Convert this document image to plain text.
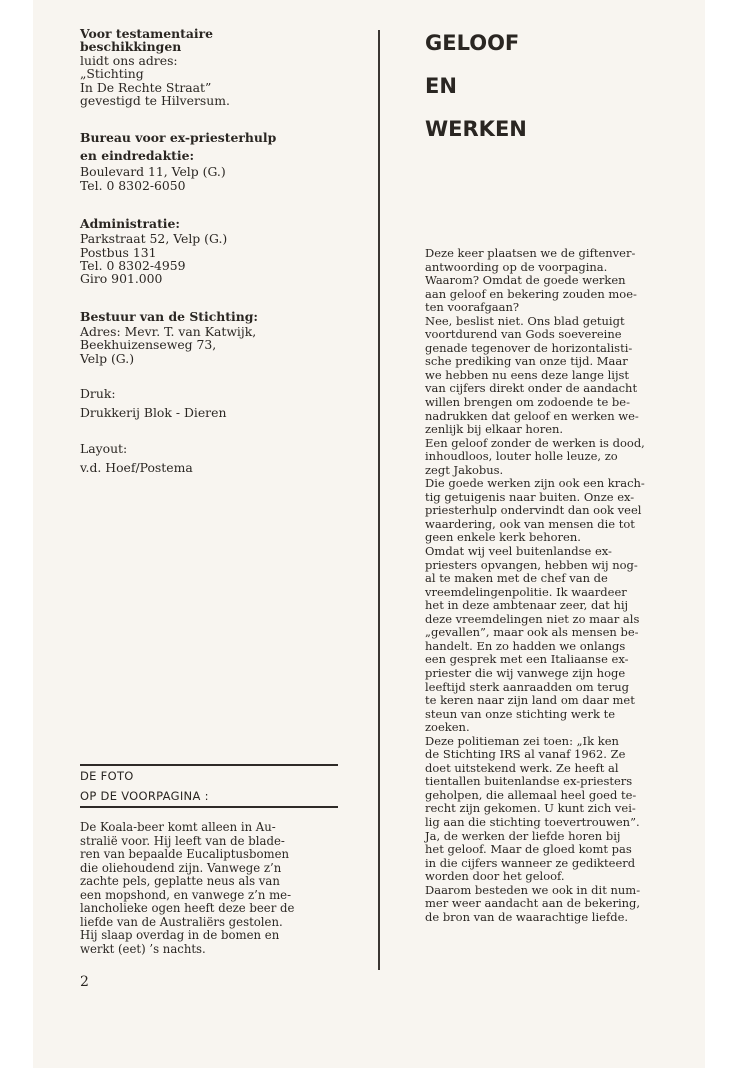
Voor testamentaire

beschikkingen

luidt ons adres:

„Stichting

In De Rechte Straat”

gevestigd te Hilversum.

Bureau voor ex-priesterhulp

en eindredaktie:

Boulevard 11, Velp (G.)

Tel. 0 8302-6050

Administratie:

Parkstraat 52, Velp (G.)

Postbus 131

Tel. 0 8302-4959

Giro 901.000

Bestuur van de Stichting:

Adres: Mevr. T. van Katwijk,

Beekhuizenseweg 73,

Velp (G.)

Druk:

Drukkerij Blok - Dieren

Layout:

v.d. Hoef/Postema

DE FOTO
OP DE VOORPAGINA :

De Koala-beer komt alleen in Au-

stralië voor. Hij leeft van de blade-

ren van bepaalde Eucaliptusbomen

die oliehoudend zijn. Vanwege z’n

zachte pels, geplatte neus als van

een mopshond, en vanwege z’n me-

lancholieke ogen heeft deze beer de

liefde van de Australiërs gestolen.

Hij slaap overdag in de bomen en

werkt (eet) ’s nachts.

2
GELOOF
EN
WERKEN

Deze keer plaatsen we de giftenver-

antwoording op de voorpagina.

Waarom? Omdat de goede werken

aan geloof en bekering zouden moe-

ten voorafgaan?

Nee, beslist niet. Ons blad getuigt

voortdurend van Gods soevereine

genade tegenover de horizontalisti-

sche prediking van onze tijd. Maar

we hebben nu eens deze lange lijst

van cijfers direkt onder de aandacht

willen brengen om zodoende te be-

nadrukken dat geloof en werken we-

zenlijk bij elkaar horen.

Een geloof zonder de werken is dood,

inhoudloos, louter holle leuze, zo

zegt Jakobus.

Die goede werken zijn ook een krach-

tig getuigenis naar buiten. Onze ex-

priesterhulp ondervindt dan ook veel

waardering, ook van mensen die tot

geen enkele kerk behoren.

Omdat wij veel buitenlandse ex-

priesters opvangen, hebben wij nog-

al te maken met de chef van de

vreemdelingenpolitie. Ik waardeer

het in deze ambtenaar zeer, dat hij

deze vreemdelingen niet zo maar als

„gevallen”, maar ook als mensen be-

handelt. En zo hadden we onlangs

een gesprek met een Italiaanse ex-

priester die wij vanwege zijn hoge

leeftijd sterk aanraadden om terug

te keren naar zijn land om daar met

steun van onze stichting werk te

zoeken.

Deze politieman zei toen: „Ik ken

de Stichting IRS al vanaf 1962. Ze

doet uitstekend werk. Ze heeft al

tientallen buitenlandse ex-priesters

geholpen, die allemaal heel goed te-

recht zijn gekomen. U kunt zich vei-

lig aan die stichting toevertrouwen”.

Ja, de werken der liefde horen bij

het geloof. Maar de gloed komt pas

in die cijfers wanneer ze gedikteerd

worden door het geloof.

Daarom besteden we ook in dit num-

mer weer aandacht aan de bekering,

de bron van de waarachtige liefde.
